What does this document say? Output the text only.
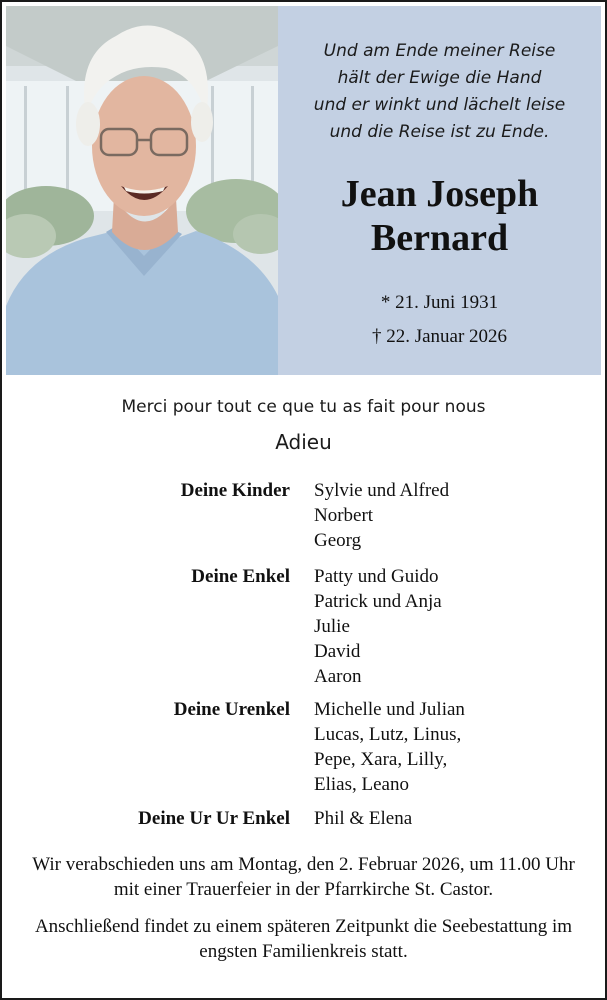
Und am Ende meiner Reise
hält der Ewige die Hand
und er winkt und lächelt leise
und die Reise ist zu Ende.
Jean Joseph
Bernard
* 21. Juni 1931
† 22. Januar 2026
Merci pour tout ce que tu as fait pour nous
Adieu
Deine Kinder Sylvie und Alfred
Norbert
Georg
Deine Enkel Patty und Guido
Patrick und Anja
Julie
David
Aaron
Deine Urenkel Michelle und Julian
Lucas, Lutz, Linus,
Pepe, Xara, Lilly,
Elias, Leano
Deine Ur Ur Enkel Phil & Elena
Wir verabschieden uns am Montag, den 2. Februar 2026, um 11.00 Uhr mit einer Trauerfeier in der Pfarrkirche St. Castor.
Anschließend findet zu einem späteren Zeitpunkt die Seebestattung im engsten Familienkreis statt.
